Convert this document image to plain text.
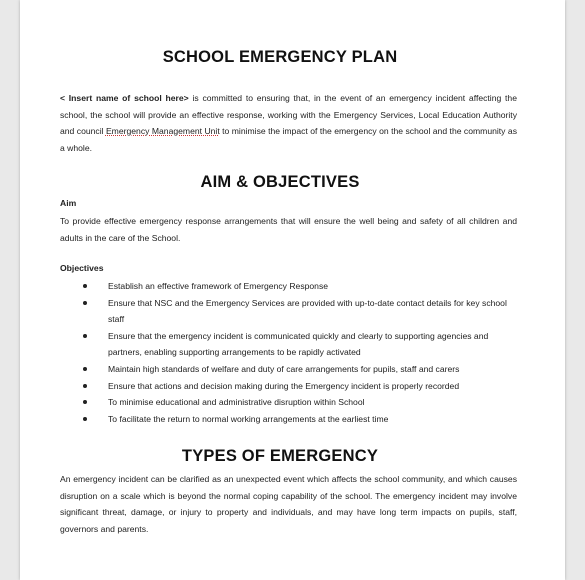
SCHOOL EMERGENCY PLAN
< Insert name of school here> is committed to ensuring that, in the event of an emergency incident affecting the school, the school will provide an effective response, working with the Emergency Services, Local Education Authority and council Emergency Management Unit to minimise the impact of the emergency on the school and the community as a whole.
AIM & OBJECTIVES
Aim
To provide effective emergency response arrangements that will ensure the well being and safety of all children and adults in the care of the School.
Objectives
Establish an effective framework of Emergency Response
Ensure that NSC and the Emergency Services are provided with up-to-date contact details for key school staff
Ensure that the emergency incident is communicated quickly and clearly to supporting agencies and partners, enabling supporting arrangements to be rapidly activated
Maintain high standards of welfare and duty of care arrangements for pupils, staff and carers
Ensure that actions and decision making during the Emergency incident is properly recorded
To minimise educational and administrative disruption within School
To facilitate the return to normal working arrangements at the earliest time
TYPES OF EMERGENCY
An emergency incident can be clarified as an unexpected event which affects the school community, and which causes disruption on a scale which is beyond the normal coping capability of the school. The emergency incident may involve significant threat, damage, or injury to property and individuals, and may have long term impacts on pupils, staff, governors and parents.
